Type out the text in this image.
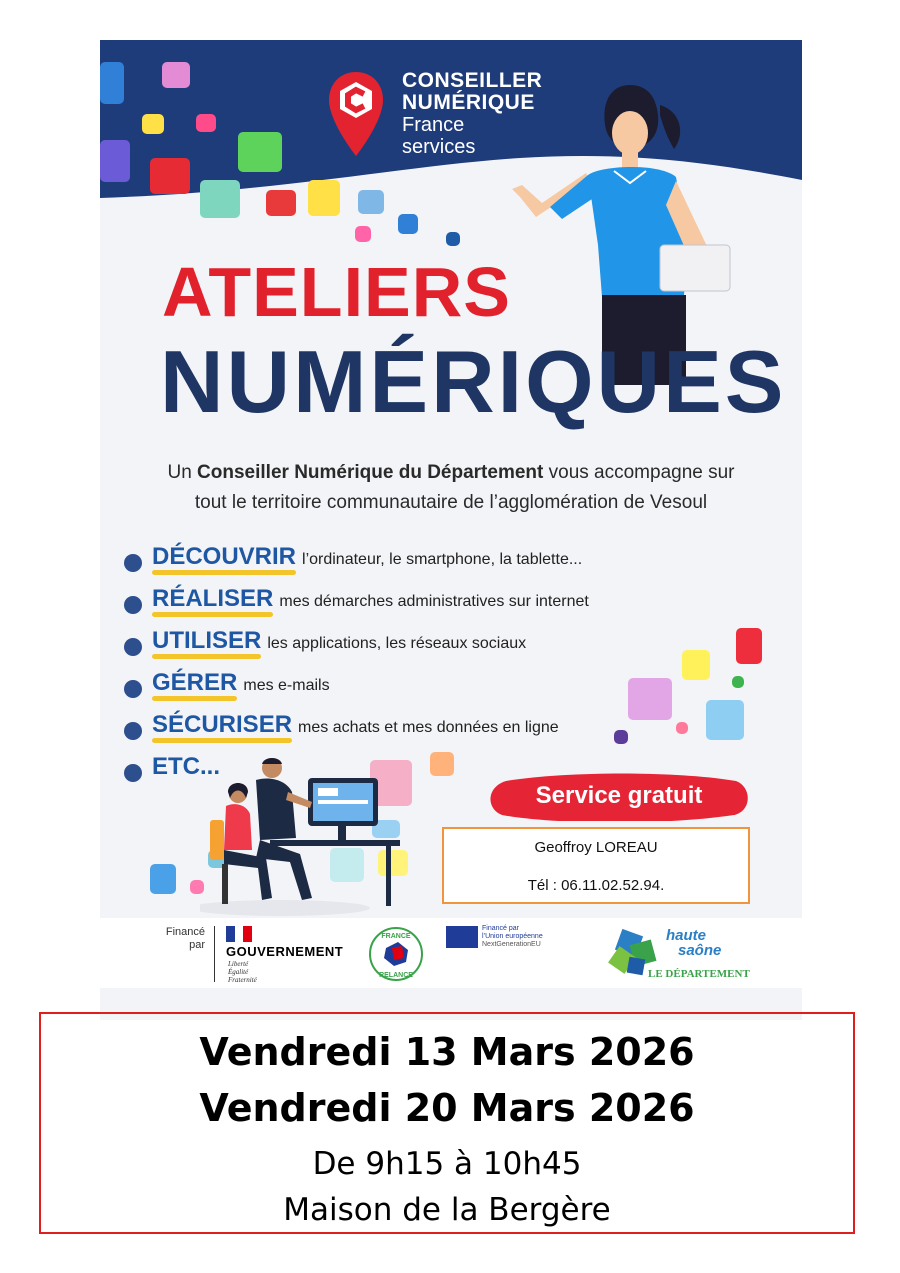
CONSEILLER
NUMÉRIQUE
France
services
ATELIERS
NUMÉRIQUES
Un Conseiller Numérique du Département vous accompagne sur
tout le territoire communautaire de l’agglomération de Vesoul
DÉCOUVRIR l’ordinateur, le smartphone, la tablette...
RÉALISER mes démarches administratives sur internet
UTILISER les applications, les réseaux sociaux
GÉRER mes e-mails
SÉCURISER mes achats et mes données en ligne
ETC...
Service gratuit
Geoffroy LOREAU
Tél : 06.11.02.52.94.
Financé
par GOUVERNEMENT
Liberté
Égalité
Fraternité
FRANCE
RELANCE
Financé par
l’Union européenne
NextGenerationEU
haute
saône
LE DÉPARTEMENT
Vendredi 13 Mars 2026
Vendredi 20 Mars 2026
De 9h15 à 10h45
Maison de la Bergère
